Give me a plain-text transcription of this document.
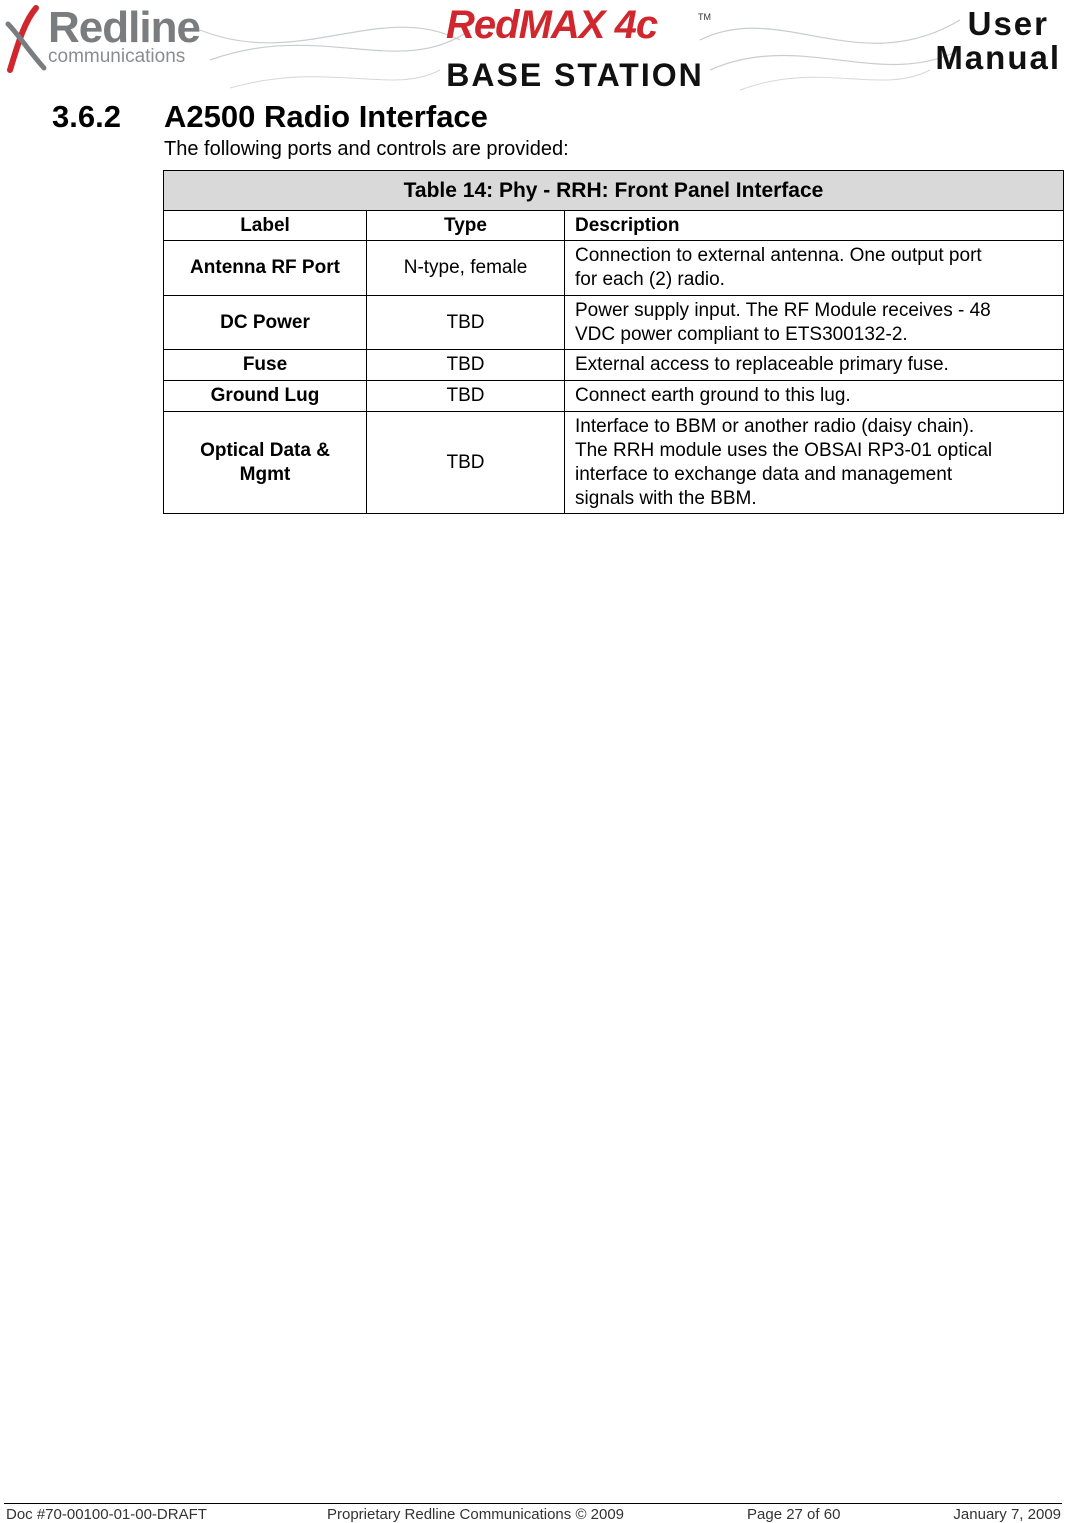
Redline
communications
RedMAX 4c	TM
BASE STATION
User
Manual
3.6.2 A2500 Radio Interface
The following ports and controls are provided:
Table 14: Phy - RRH: Front Panel Interface		
Label	Type	Description
Antenna RF Port	N-type, female	Connection to external antenna. One output port
for each (2) radio.
DC Power	TBD	Power supply input. The RF Module receives - 48
VDC power compliant to ETS300132-2.
Fuse	TBD	External access to replaceable primary fuse.
Ground Lug	TBD	Connect earth ground to this lug.
Optical Data &
Mgmt	TBD	Interface to BBM or another radio (daisy chain).
The RRH module uses the OBSAI RP3-01 optical
interface to exchange data and management
signals with the BBM.
Doc #70-00100-01-00-DRAFT	Proprietary Redline Communications © 2009	Page 27 of 60	January 7, 2009
